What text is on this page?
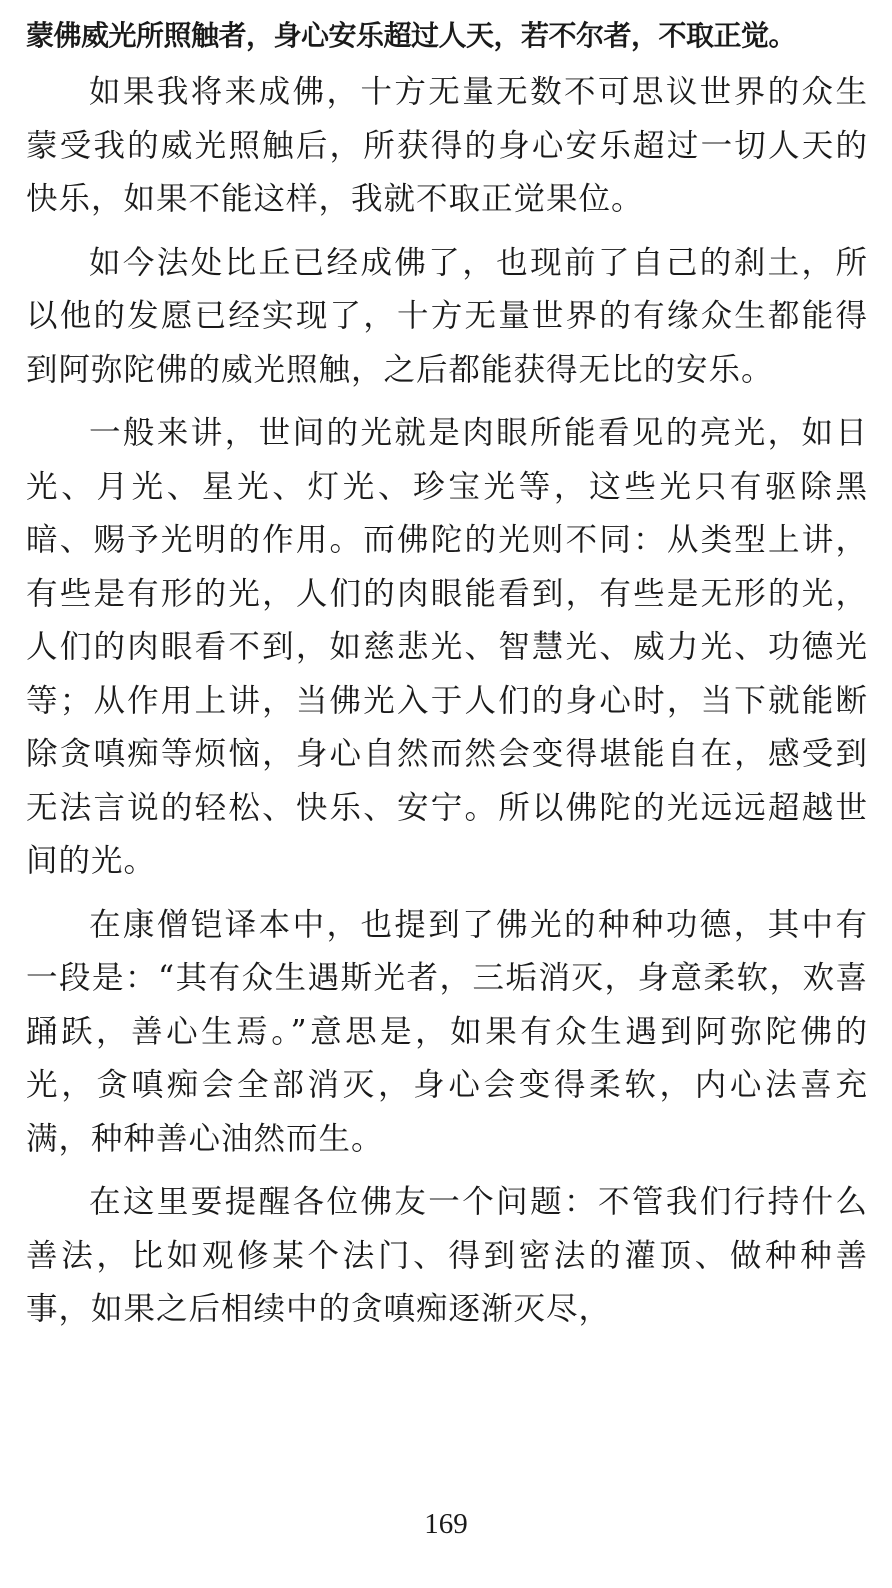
蒙佛威光所照触者，身心安乐超过人天，若不尔者，不取正觉。

如果我将来成佛，十方无量无数不可思议世界的众生蒙受我的威光照触后，所获得的身心安乐超过一切人天的快乐，如果不能这样，我就不取正觉果位。

如今法处比丘已经成佛了，也现前了自己的刹土，所以他的发愿已经实现了，十方无量世界的有缘众生都能得到阿弥陀佛的威光照触，之后都能获得无比的安乐。

一般来讲，世间的光就是肉眼所能看见的亮光，如日光、月光、星光、灯光、珍宝光等，这些光只有驱除黑暗、赐予光明的作用。而佛陀的光则不同：从类型上讲，有些是有形的光，人们的肉眼能看到，有些是无形的光，人们的肉眼看不到，如慈悲光、智慧光、威力光、功德光等；从作用上讲，当佛光入于人们的身心时，当下就能断除贪嗔痴等烦恼，身心自然而然会变得堪能自在，感受到无法言说的轻松、快乐、安宁。所以佛陀的光远远超越世间的光。

在康僧铠译本中，也提到了佛光的种种功德，其中有一段是：“其有众生遇斯光者，三垢消灭，身意柔软，欢喜踊跃，善心生焉。”意思是，如果有众生遇到阿弥陀佛的光，贪嗔痴会全部消灭，身心会变得柔软，内心法喜充满，种种善心油然而生。

在这里要提醒各位佛友一个问题：不管我们行持什么善法，比如观修某个法门、得到密法的灌顶、做种种善事，如果之后相续中的贪嗔痴逐渐灭尽，

169
